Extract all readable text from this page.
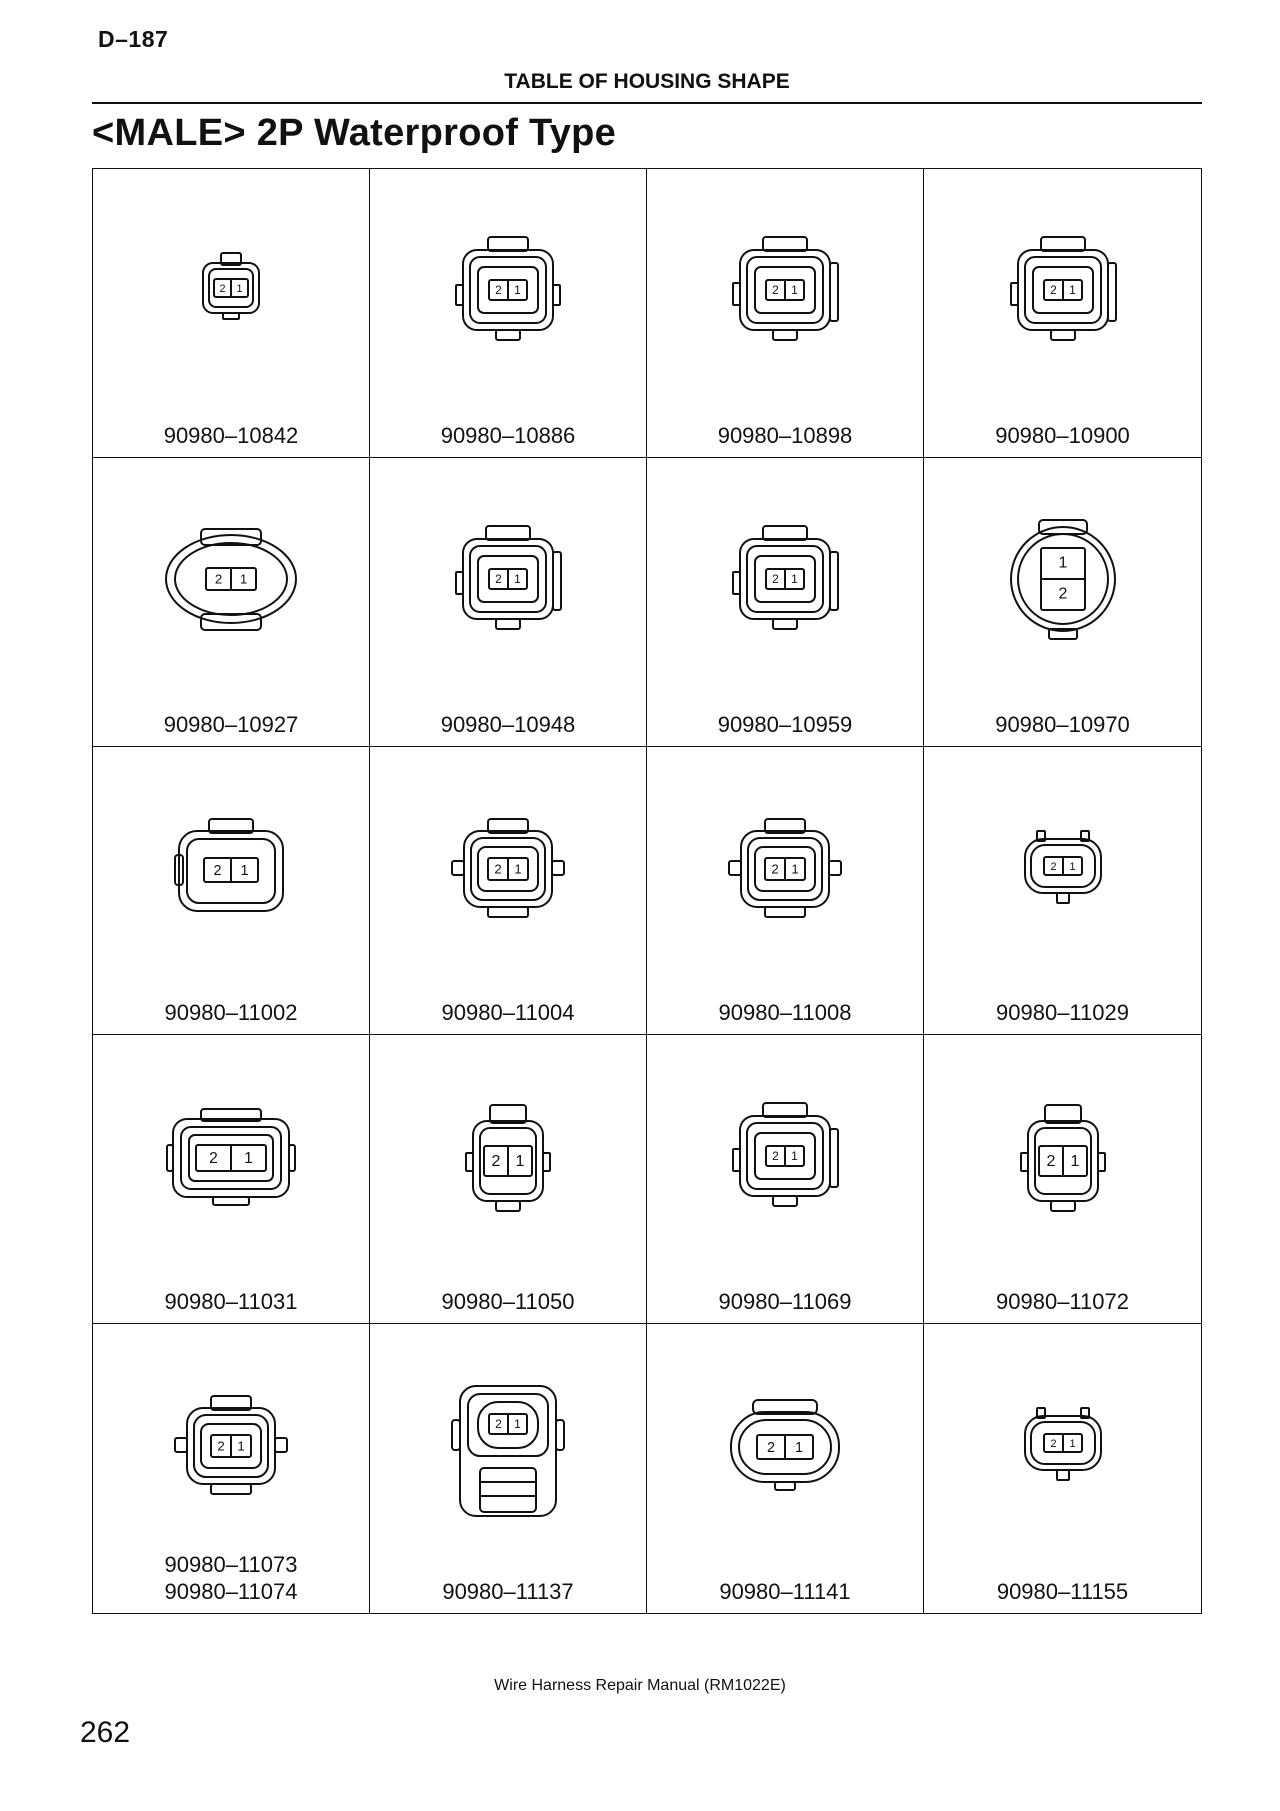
D–187
TABLE OF HOUSING SHAPE
<MALE> 2P Waterproof Type
2 1
90980–10842
2 1
90980–10886
2 1
90980–10898
2 1
90980–10900
2 1
90980–10927
2 1
90980–10948
2 1
90980–10959
1
2
90980–10970
2 1
90980–11002
2 1
90980–11004
2 1
90980–11008
2 1
90980–11029
2 1
90980–11031
2 1
90980–11050
2 1
90980–11069
2 1
90980–11072
2 1
90980–11073
90980–11074
2 1
90980–11137
2 1
90980–11141
2 1
90980–11155
Wire Harness Repair Manual (RM1022E)
262
